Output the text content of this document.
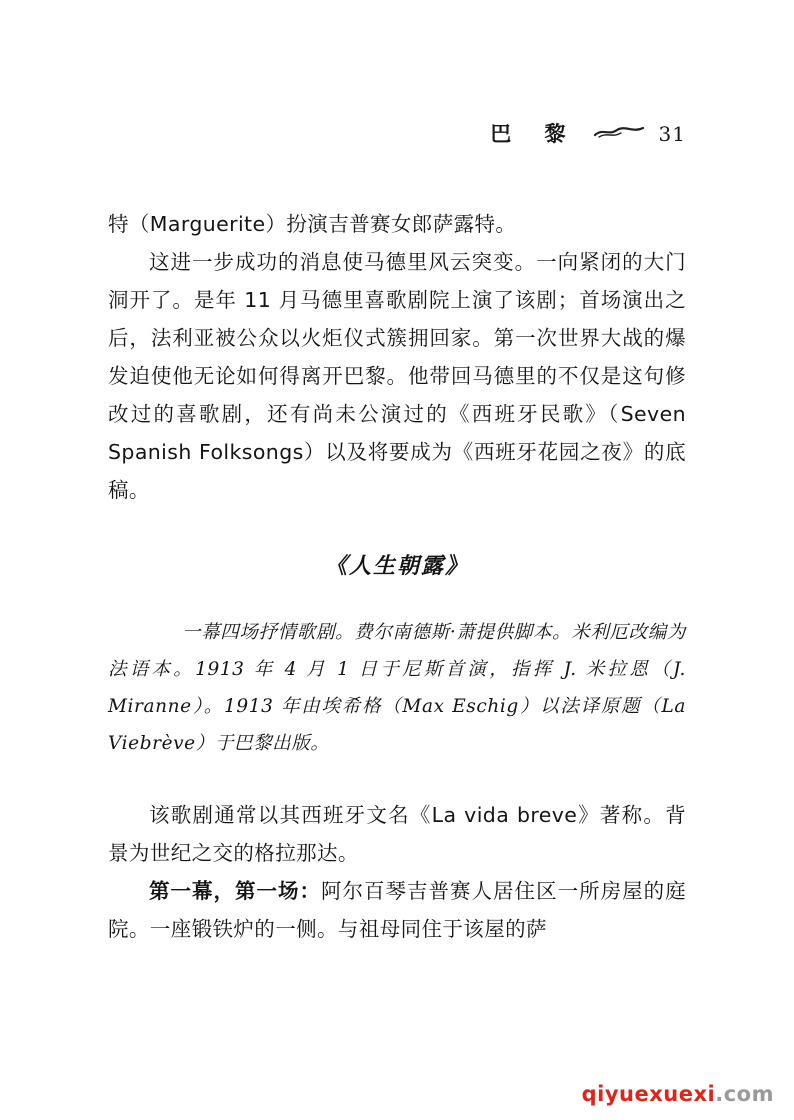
巴 黎	31

特（Marguerite）扮演吉普赛女郎萨露特。

这进一步成功的消息使马德里风云突变。一向紧闭的大门洞开了。是年 11 月马德里喜歌剧院上演了该剧；首场演出之后，法利亚被公众以火炬仪式簇拥回家。第一次世界大战的爆发迫使他无论如何得离开巴黎。他带回马德里的不仅是这句修改过的喜歌剧，还有尚未公演过的《西班牙民歌》（Seven Spanish Folksongs）以及将要成为《西班牙花园之夜》的底稿。

《人生朝露》

一幕四场抒情歌剧。费尔南德斯·萧提供脚本。米利厄改编为法语本。1913 年 4 月 1 日于尼斯首演，指挥 J. 米拉恩（J. Miranne）。1913 年由埃希格（Max Eschig）以法译原题（La Viebrève）于巴黎出版。

该歌剧通常以其西班牙文名《La vida breve》著称。背景为世纪之交的格拉那达。

第一幕，第一场：阿尔百琴吉普赛人居住区一所房屋的庭院。一座锻铁炉的一侧。与祖母同住于该屋的萨

qiyuexuexi.com
